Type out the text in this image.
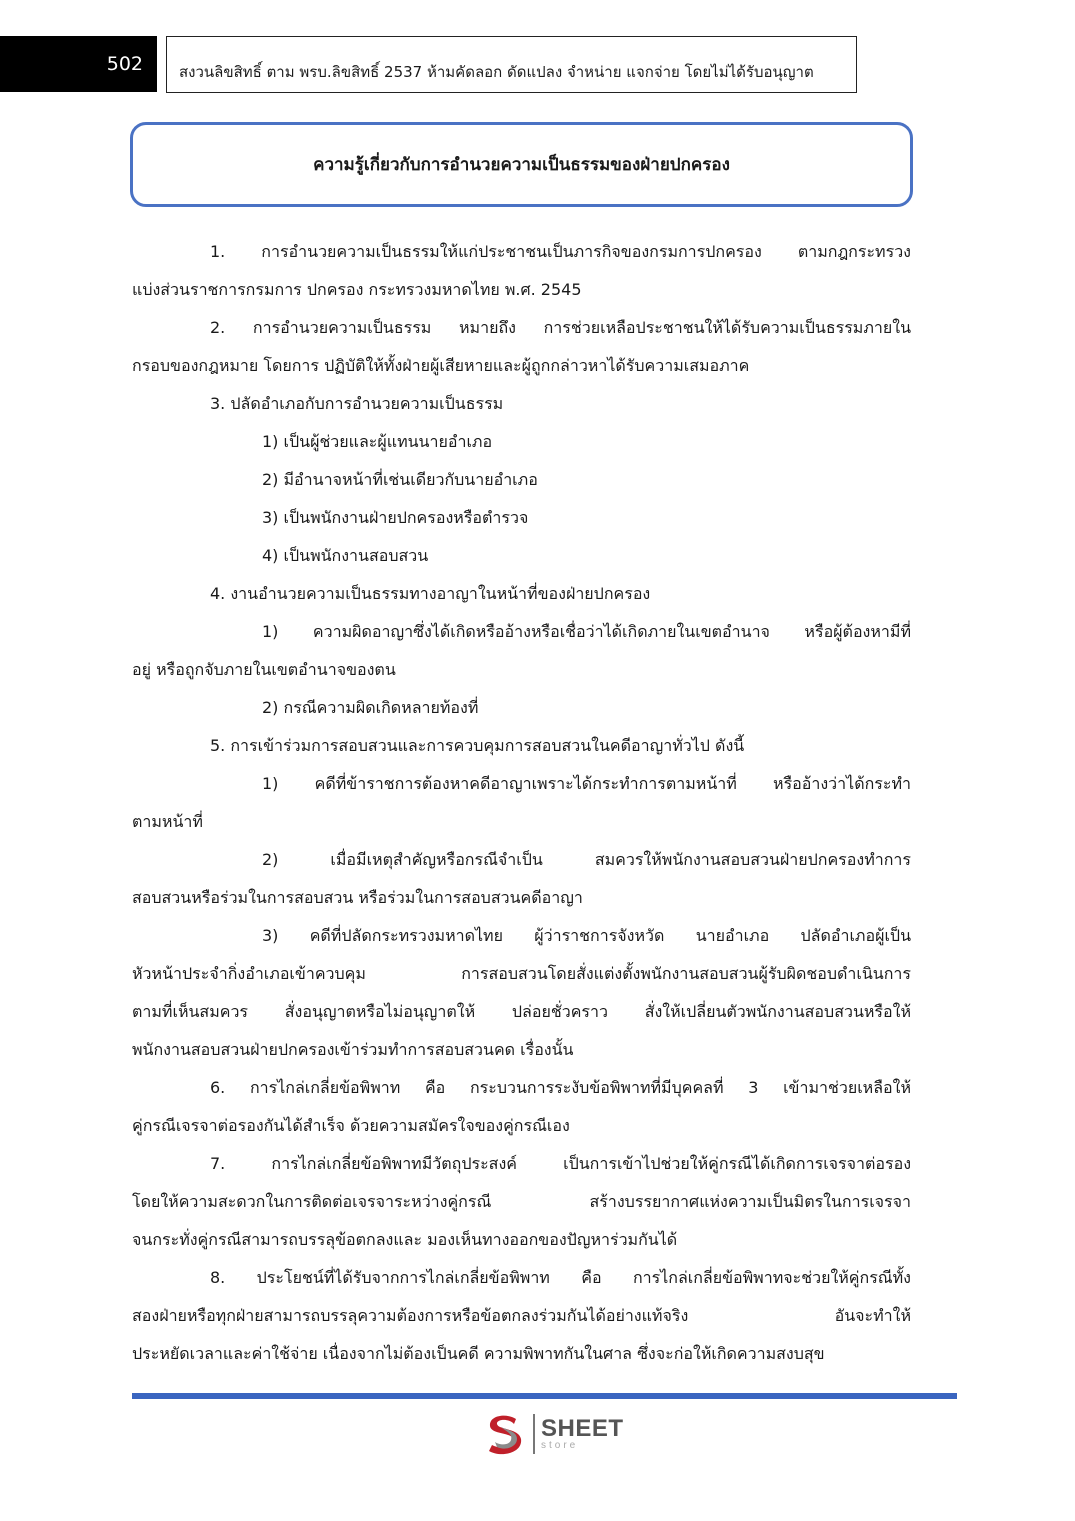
502	สงวนลิขสิทธิ์ ตาม พรบ.ลิขสิทธิ์ 2537 ห้ามคัดลอก ดัดแปลง จำหน่าย แจกจ่าย โดยไม่ได้รับอนุญาต
ความรู้เกี่ยวกับการอำนวยความเป็นธรรมของฝ่ายปกครอง
1. การอำนวยความเป็นธรรมให้แก่ประชาชนเป็นภารกิจของกรมการปกครอง ตามกฎกระทรวง
แบ่งส่วนราชการกรมการ ปกครอง กระทรวงมหาดไทย พ.ศ. 2545
2. การอำนวยความเป็นธรรม หมายถึง การช่วยเหลือประชาชนให้ได้รับความเป็นธรรมภายใน
กรอบของกฎหมาย โดยการ ปฏิบัติให้ทั้งฝ่ายผู้เสียหายและผู้ถูกกล่าวหาได้รับความเสมอภาค
3. ปลัดอำเภอกับการอำนวยความเป็นธรรม
1) เป็นผู้ช่วยและผู้แทนนายอำเภอ
2) มีอำนาจหน้าที่เช่นเดียวกับนายอำเภอ
3) เป็นพนักงานฝ่ายปกครองหรือตำรวจ
4) เป็นพนักงานสอบสวน
4. งานอำนวยความเป็นธรรมทางอาญาในหน้าที่ของฝ่ายปกครอง
1) ความผิดอาญาซึ่งได้เกิดหรืออ้างหรือเชื่อว่าได้เกิดภายในเขตอำนาจ หรือผู้ต้องหามีที่
อยู่ หรือถูกจับภายในเขตอำนาจของตน
2) กรณีความผิดเกิดหลายท้องที่
5. การเข้าร่วมการสอบสวนและการควบคุมการสอบสวนในคดีอาญาทั่วไป ดังนี้
1) คดีที่ข้าราชการต้องหาคดีอาญาเพราะได้กระทำการตามหน้าที่ หรืออ้างว่าได้กระทำ
ตามหน้าที่
2) เมื่อมีเหตุสำคัญหรือกรณีจำเป็น สมควรให้พนักงานสอบสวนฝ่ายปกครองทำการ
สอบสวนหรือร่วมในการสอบสวน หรือร่วมในการสอบสวนคดีอาญา
3) คดีที่ปลัดกระทรวงมหาดไทย ผู้ว่าราชการจังหวัด นายอำเภอ ปลัดอำเภอผู้เป็น
หัวหน้าประจำกิ่งอำเภอเข้าควบคุม การสอบสวนโดยสั่งแต่งตั้งพนักงานสอบสวนผู้รับผิดชอบดำเนินการ
ตามที่เห็นสมควร สั่งอนุญาตหรือไม่อนุญาตให้ ปล่อยชั่วคราว สั่งให้เปลี่ยนตัวพนักงานสอบสวนหรือให้
พนักงานสอบสวนฝ่ายปกครองเข้าร่วมทำการสอบสวนคด เรื่องนั้น
6. การไกล่เกลี่ยข้อพิพาท คือ กระบวนการระงับข้อพิพาทที่มีบุคคลที่ 3 เข้ามาช่วยเหลือให้
คู่กรณีเจรจาต่อรองกันได้สำเร็จ ด้วยความสมัครใจของคู่กรณีเอง
7. การไกล่เกลี่ยข้อพิพาทมีวัตถุประสงค์ เป็นการเข้าไปช่วยให้คู่กรณีได้เกิดการเจรจาต่อรอง
โดยให้ความสะดวกในการติดต่อเจรจาระหว่างคู่กรณี สร้างบรรยากาศแห่งความเป็นมิตรในการเจรจา
จนกระทั่งคู่กรณีสามารถบรรลุข้อตกลงและ มองเห็นทางออกของปัญหาร่วมกันได้
8. ประโยชน์ที่ได้รับจากการไกล่เกลี่ยข้อพิพาท คือ การไกล่เกลี่ยข้อพิพาทจะช่วยให้คู่กรณีทั้ง
สองฝ่ายหรือทุกฝ่ายสามารถบรรลุความต้องการหรือข้อตกลงร่วมกันได้อย่างแท้จริง อันจะทำให้
ประหยัดเวลาและค่าใช้จ่าย เนื่องจากไม่ต้องเป็นคดี ความพิพาทกันในศาล ซึ่งจะก่อให้เกิดความสงบสุข
SHEET
store
